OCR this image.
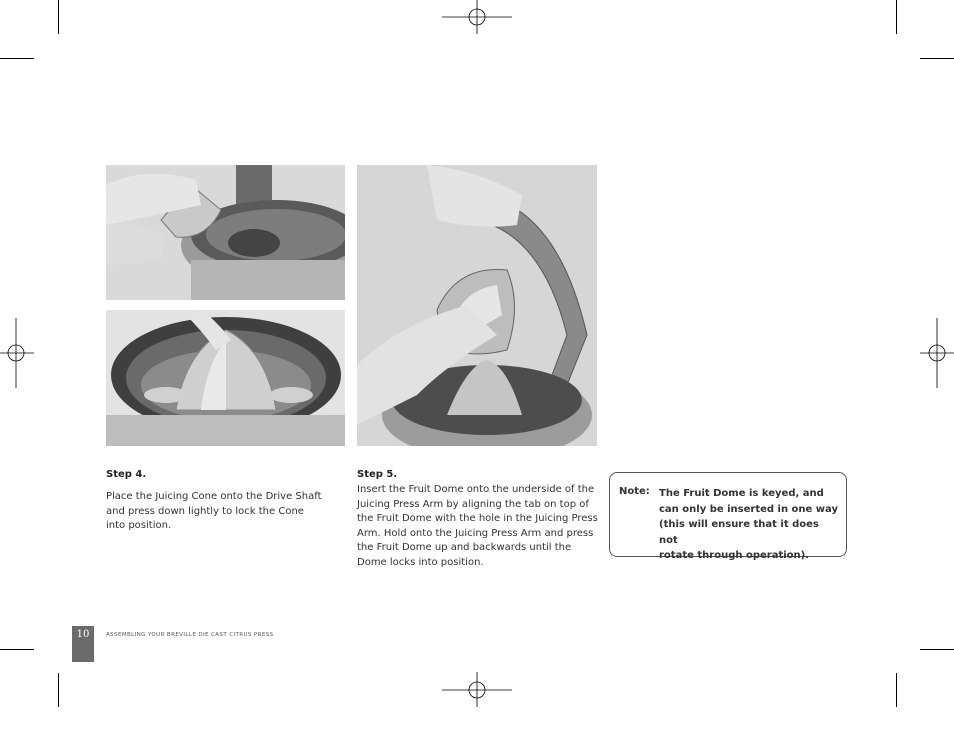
Step 4.
Place the Juicing Cone onto the Drive Shaft
and press down lightly to lock the Cone
into position.
Step 5.
Insert the Fruit Dome onto the underside of the
Juicing Press Arm by aligning the tab on top of
the Fruit Dome with the hole in the Juicing Press
Arm. Hold onto the Juicing Press Arm and press
the Fruit Dome up and backwards until the
Dome locks into position.
Note: The Fruit Dome is keyed, and
can only be inserted in one way
(this will ensure that it does not
rotate through operation).
10	ASSEMBLING YOUR BREVILLE DIE CAST CITRUS PRESS
